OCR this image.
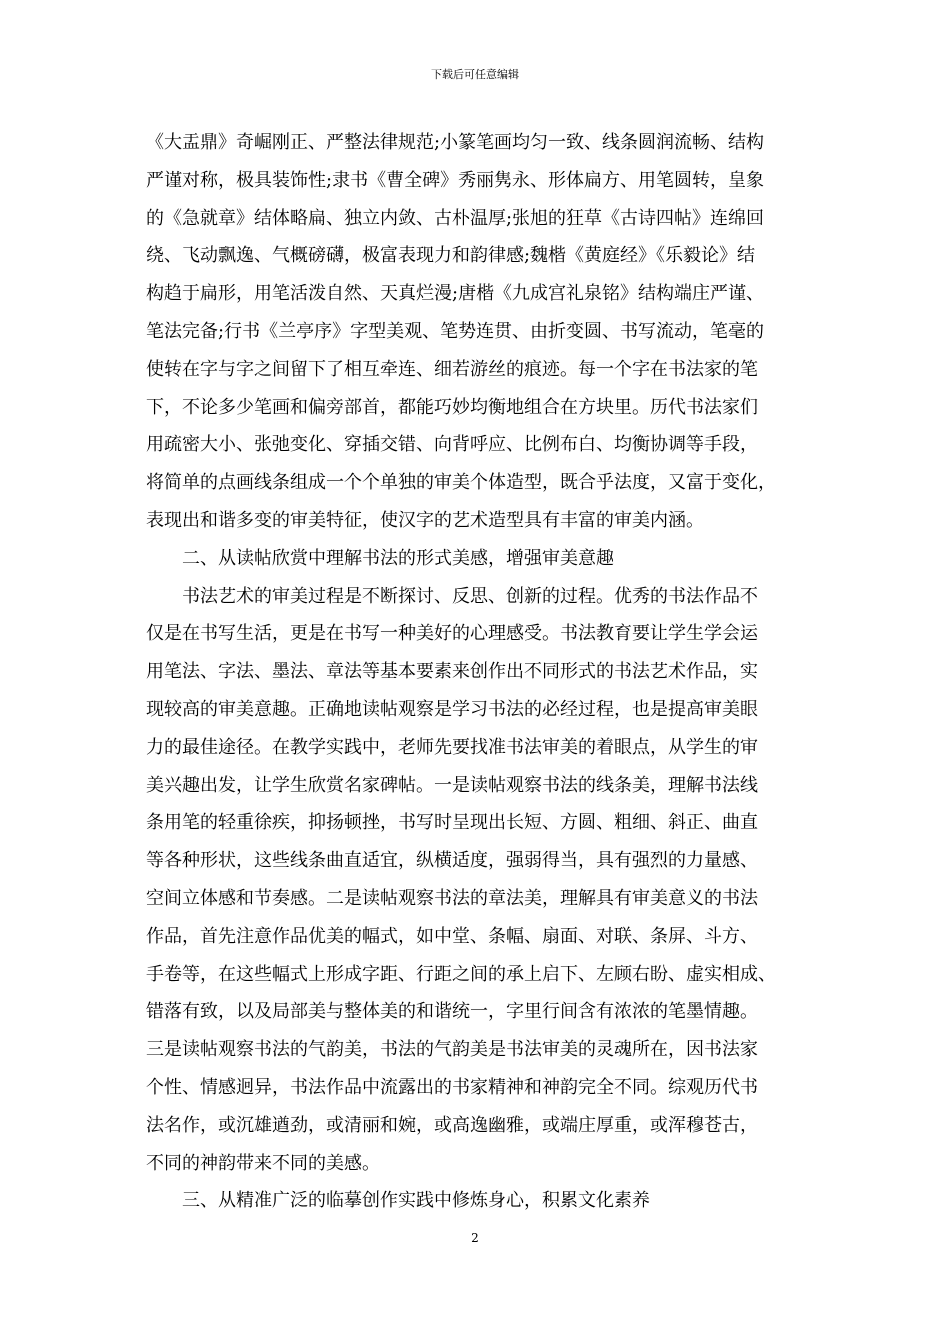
下载后可任意编辑
《大盂鼎》奇崛刚正、严整法律规范;小篆笔画均匀一致、线条圆润流畅、结构
严谨对称，极具装饰性;隶书《曹全碑》秀丽隽永、形体扁方、用笔圆转，皇象
的《急就章》结体略扁、独立内敛、古朴温厚;张旭的狂草《古诗四帖》连绵回
绕、飞动飘逸、气概磅礴，极富表现力和韵律感;魏楷《黄庭经》《乐毅论》结
构趋于扁形，用笔活泼自然、天真烂漫;唐楷《九成宫礼泉铭》结构端庄严谨、
笔法完备;行书《兰亭序》字型美观、笔势连贯、由折变圆、书写流动，笔毫的
使转在字与字之间留下了相互牵连、细若游丝的痕迹。每一个字在书法家的笔
下，不论多少笔画和偏旁部首，都能巧妙均衡地组合在方块里。历代书法家们
用疏密大小、张弛变化、穿插交错、向背呼应、比例布白、均衡协调等手段，
将简单的点画线条组成一个个单独的审美个体造型，既合乎法度，又富于变化，
表现出和谐多变的审美特征，使汉字的艺术造型具有丰富的审美内涵。
二、从读帖欣赏中理解书法的形式美感，增强审美意趣
书法艺术的审美过程是不断探讨、反思、创新的过程。优秀的书法作品不
仅是在书写生活，更是在书写一种美好的心理感受。书法教育要让学生学会运
用笔法、字法、墨法、章法等基本要素来创作出不同形式的书法艺术作品，实
现较高的审美意趣。正确地读帖观察是学习书法的必经过程，也是提高审美眼
力的最佳途径。在教学实践中，老师先要找准书法审美的着眼点，从学生的审
美兴趣出发，让学生欣赏名家碑帖。一是读帖观察书法的线条美，理解书法线
条用笔的轻重徐疾，抑扬顿挫，书写时呈现出长短、方圆、粗细、斜正、曲直
等各种形状，这些线条曲直适宜，纵横适度，强弱得当，具有强烈的力量感、
空间立体感和节奏感。二是读帖观察书法的章法美，理解具有审美意义的书法
作品，首先注意作品优美的幅式，如中堂、条幅、扇面、对联、条屏、斗方、
手卷等，在这些幅式上形成字距、行距之间的承上启下、左顾右盼、虚实相成、
错落有致，以及局部美与整体美的和谐统一，字里行间含有浓浓的笔墨情趣。
三是读帖观察书法的气韵美，书法的气韵美是书法审美的灵魂所在，因书法家
个性、情感迥异，书法作品中流露出的书家精神和神韵完全不同。综观历代书
法名作，或沉雄遒劲，或清丽和婉，或高逸幽雅，或端庄厚重，或浑穆苍古，
不同的神韵带来不同的美感。
三、从精准广泛的临摹创作实践中修炼身心，积累文化素养
2
